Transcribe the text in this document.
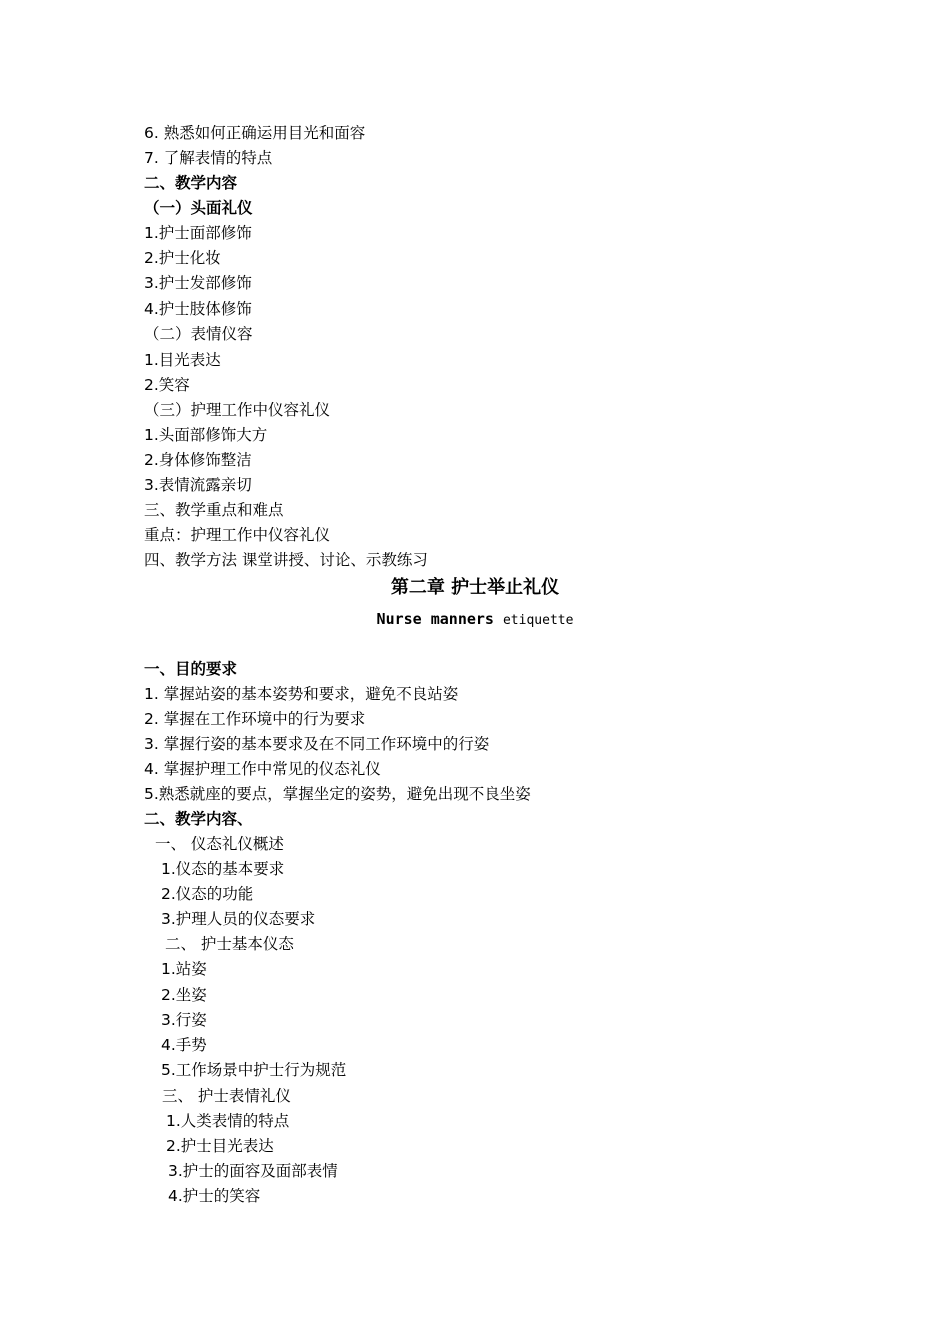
6. 熟悉如何正确运用目光和面容
7. 了解表情的特点
二、教学内容
（一）头面礼仪
1.护士面部修饰
2.护士化妆
3.护士发部修饰
4.护士肢体修饰
（二）表情仪容
1.目光表达
2.笑容
（三）护理工作中仪容礼仪
1.头面部修饰大方
2.身体修饰整洁
3.表情流露亲切
三、教学重点和难点
重点：护理工作中仪容礼仪
四、教学方法 课堂讲授、讨论、示教练习
第二章 护士举止礼仪
Nurse manners etiquette
一、目的要求
1. 掌握站姿的基本姿势和要求，避免不良站姿
2. 掌握在工作环境中的行为要求
3. 掌握行姿的基本要求及在不同工作环境中的行姿
4. 掌握护理工作中常见的仪态礼仪
5.熟悉就座的要点，掌握坐定的姿势，避免出现不良坐姿
二、教学内容、
一、 仪态礼仪概述
1.仪态的基本要求
2.仪态的功能
3.护理人员的仪态要求
二、 护士基本仪态
1.站姿
2.坐姿
3.行姿
4.手势
5.工作场景中护士行为规范
三、 护士表情礼仪
1.人类表情的特点
2.护士目光表达
3.护士的面容及面部表情
4.护士的笑容
